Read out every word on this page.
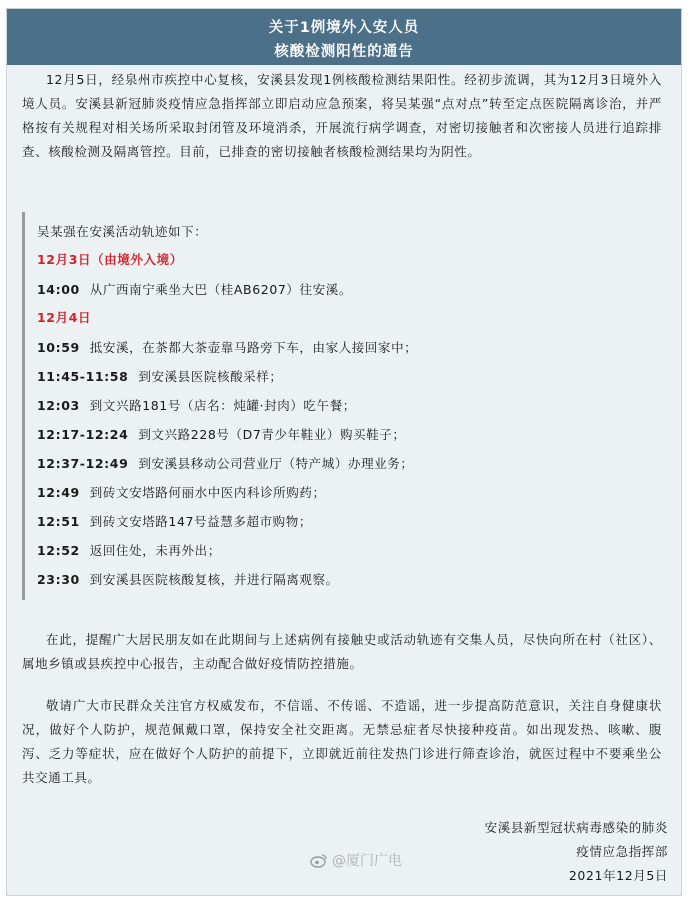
关于1例境外入安人员
核酸检测阳性的通告
12月5日，经泉州市疾控中心复核，安溪县发现1例核酸检测结果阳性。经初步流调，其为12月3日境外入境人员。安溪县新冠肺炎疫情应急指挥部立即启动应急预案，将吴某强“点对点”转至定点医院隔离诊治，并严格按有关规程对相关场所采取封闭管及环境消杀，开展流行病学调查，对密切接触者和次密接人员进行追踪排查、核酸检测及隔离管控。目前，已排查的密切接触者核酸检测结果均为阴性。
吴某强在安溪活动轨迹如下：
12月3日（由境外入境）
14:00 从广西南宁乘坐大巴（桂AB6207）往安溪。
12月4日
10:59 抵安溪，在茶都大茶壶靠马路旁下车，由家人接回家中；
11:45-11:58 到安溪县医院核酸采样；
12:03 到文兴路181号（店名：炖罐·封肉）吃午餐；
12:17-12:24 到文兴路228号（D7青少年鞋业）购买鞋子；
12:37-12:49 到安溪县移动公司营业厅（特产城）办理业务；
12:49 到砖文安塔路何丽水中医内科诊所购药；
12:51 到砖文安塔路147号益慧多超市购物；
12:52 返回住处，未再外出；
23:30 到安溪县医院核酸复核，并进行隔离观察。
在此，提醒广大居民朋友如在此期间与上述病例有接触史或活动轨迹有交集人员，尽快向所在村（社区）、属地乡镇或县疾控中心报告，主动配合做好疫情防控措施。
敬请广大市民群众关注官方权威发布，不信谣、不传谣、不造谣，进一步提高防范意识，关注自身健康状况，做好个人防护，规范佩戴口罩，保持安全社交距离。无禁忌症者尽快接种疫苗。如出现发热、咳嗽、腹泻、乏力等症状，应在做好个人防护的前提下，立即就近前往发热门诊进行筛查诊治，就医过程中不要乘坐公共交通工具。
@厦门广电
安溪县新型冠状病毒感染的肺炎
疫情应急指挥部
2021年12月5日
